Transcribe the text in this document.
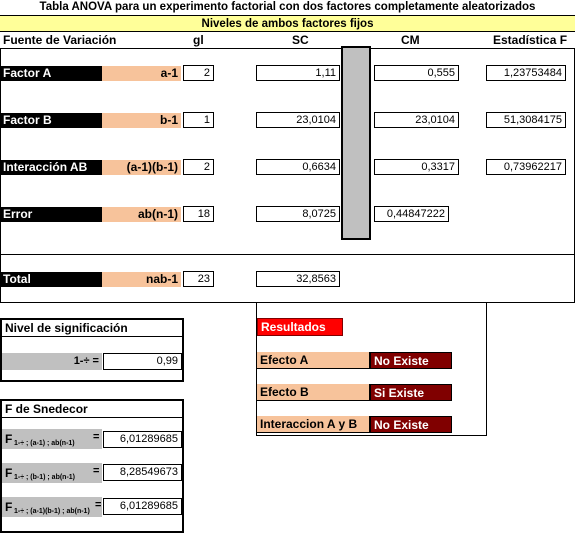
Tabla ANOVA para un experimento factorial con dos factores completamente aleatorizados
Niveles de ambos factores fijos
Fuente de Variación	gl	SC	CM	Estadística F
Factor A	a-1	2	1,11	0,555	1,23753484
Factor B	b-1	1	23,0104	23,0104	51,3084175
Interacción AB	(a-1)(b-1)	2	0,6634	0,3317	0,73962217
Error	ab(n-1)	18	8,0725	0,44847222
Total	nab-1	23	32,8563
Resultados
Efecto A	No Existe
Efecto B	Si Existe
Interaccion A y B	No Existe
Nivel de significación
1-÷ =	0,99
F de Snedecor
F 1-÷ ; (a-1) ; ab(n-1)
=	6,01289685
F 1-÷ ; (b-1) ; ab(n-1)
=	8,28549673
F 1-÷ ; (a-1)(b-1) ; ab(n-1)
=	6,01289685
